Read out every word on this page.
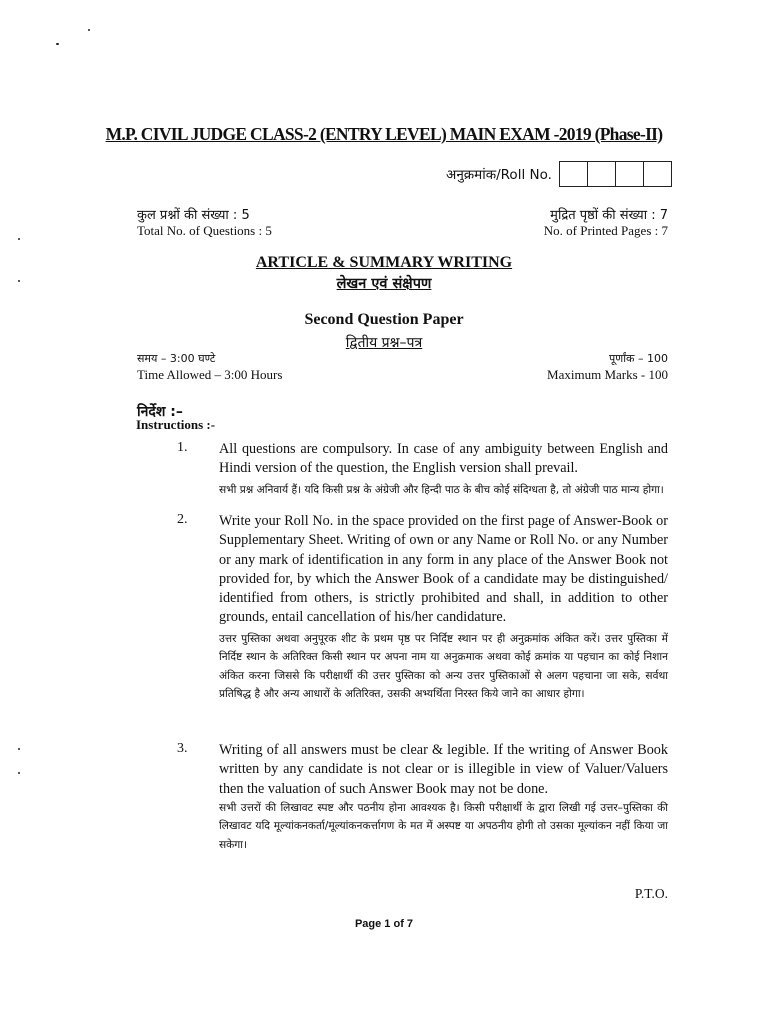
M.P. CIVIL JUDGE CLASS-2 (ENTRY LEVEL) MAIN EXAM -2019 (Phase-II)
अनुक्रमांक/Roll No.
कुल प्रश्नों की संख्या : 5
Total No. of Questions : 5
मुद्रित पृष्ठों की संख्या : 7
No. of Printed Pages : 7
ARTICLE & SUMMARY WRITING
लेखन एवं संक्षेपण
Second Question Paper
द्वितीय प्रश्न–पत्र
समय – 3:00 घण्टे
Time Allowed – 3:00 Hours
पूर्णांक – 100
Maximum Marks - 100
निर्देश :–
Instructions :-
1.	All questions are compulsory. In case of any ambiguity between English and Hindi version of the question, the English version shall prevail.
सभी प्रश्न अनिवार्य हैं। यदि किसी प्रश्न के अंग्रेजी और हिन्दी पाठ के बीच कोई संदिग्धता है, तो अंग्रेजी पाठ मान्य होगा।
2.	Write your Roll No. in the space provided on the first page of Answer-Book or Supplementary Sheet. Writing of own or any Name or Roll No. or any Number or any mark of identification in any form in any place of the Answer Book not provided for, by which the Answer Book of a candidate may be distinguished/ identified from others, is strictly prohibited and shall, in addition to other grounds, entail cancellation of his/her candidature.
उत्तर पुस्तिका अथवा अनुपूरक शीट के प्रथम पृष्ठ पर निर्दिष्ट स्थान पर ही अनुक्रमांक अंकित करें। उत्तर पुस्तिका में निर्दिष्ट स्थान के अतिरिक्त किसी स्थान पर अपना नाम या अनुक्रमाक अथवा कोई क्रमांक या पहचान का कोई निशान अंकित करना जिससे कि परीक्षार्थी की उत्तर पुस्तिका को अन्य उत्तर पुस्तिकाओं से अलग पहचाना जा सके, सर्वथा प्रतिषिद्ध है और अन्य आधारों के अतिरिक्त, उसकी अभ्यर्थिता निरस्त किये जाने का आधार होगा।
3.	Writing of all answers must be clear & legible. If the writing of Answer Book written by any candidate is not clear or is illegible in view of Valuer/Valuers then the valuation of such Answer Book may not be done.
सभी उत्तरों की लिखावट स्पष्ट और पठनीय होना आवश्यक है। किसी परीक्षार्थी के द्वारा लिखी गई उत्तर–पुस्तिका की लिखावट यदि मूल्यांकनकर्ता/मूल्यांकनकर्त्तागण के मत में अस्पष्ट या अपठनीय होगी तो उसका मूल्यांकन नहीं किया जा सकेगा।
P.T.O.
Page 1 of 7
